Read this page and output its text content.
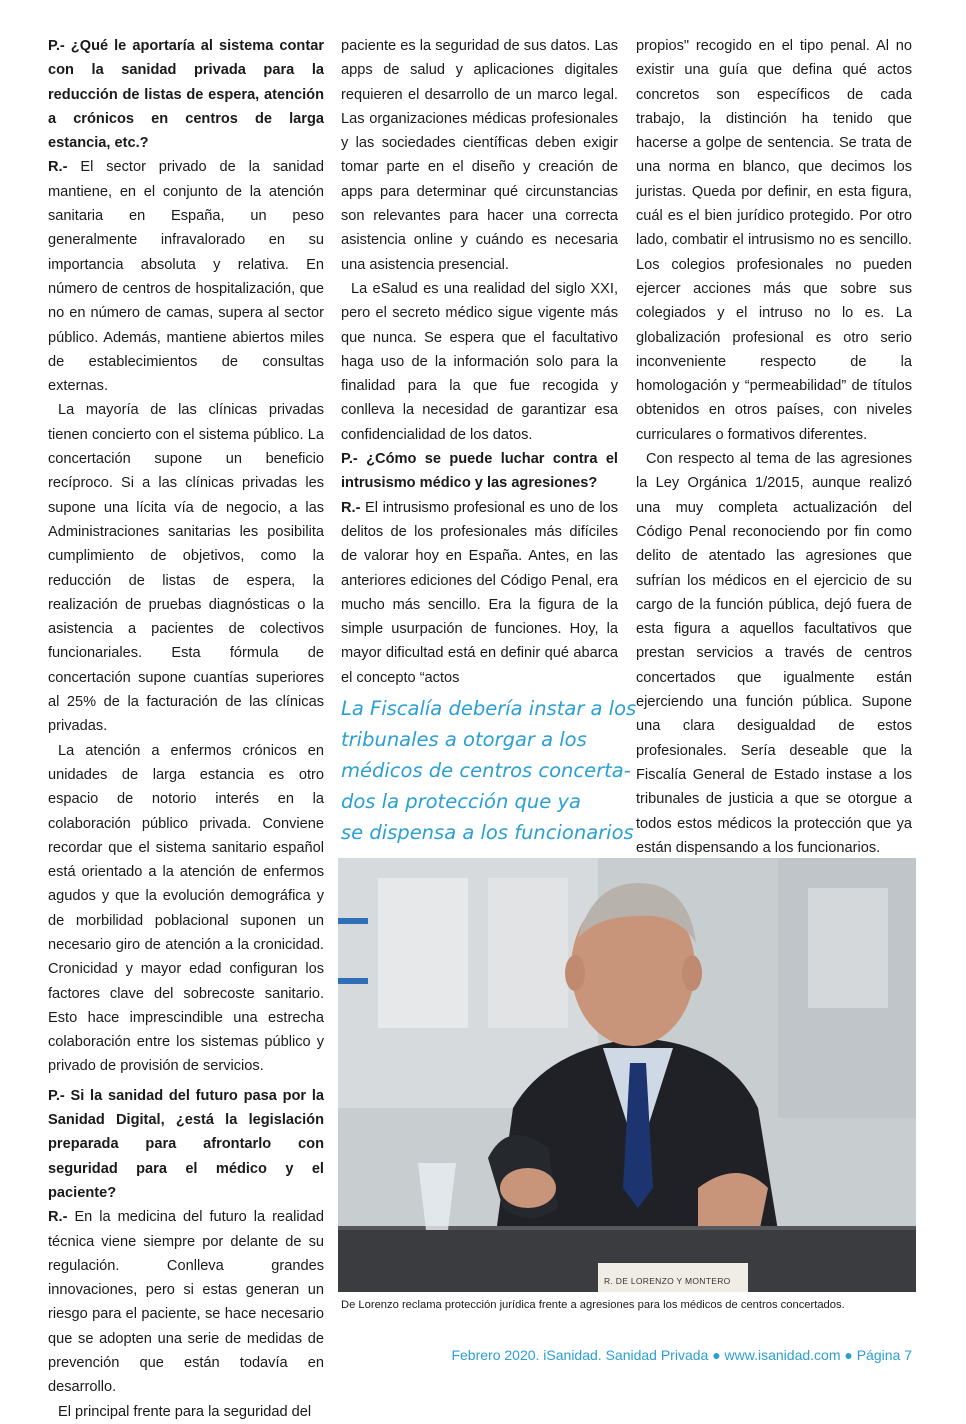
P.- ¿Qué le aportaría al sistema contar con la sanidad privada para la reducción de listas de espera, atención a crónicos en centros de larga estancia, etc.?

R.- El sector privado de la sanidad mantiene, en el conjunto de la atención sanitaria en España, un peso generalmente infravalorado en su importancia absoluta y relativa. En número de centros de hospitalización, que no en número de camas, supera al sector público. Además, mantiene abiertos miles de establecimientos de consultas externas.

La mayoría de las clínicas privadas tienen concierto con el sistema público. La concertación supone un beneficio recíproco. Si a las clínicas privadas les supone una lícita vía de negocio, a las Administraciones sanitarias les posibilita cumplimiento de objetivos, como la reducción de listas de espera, la realización de pruebas diagnósticas o la asistencia a pacientes de colectivos funcionariales. Esta fórmula de concertación supone cuantías superiores al 25% de la facturación de las clínicas privadas.

La atención a enfermos crónicos en unidades de larga estancia es otro espacio de notorio interés en la colaboración público privada. Conviene recordar que el sistema sanitario español está orientado a la atención de enfermos agudos y que la evolución demográfica y de morbilidad poblacional suponen un necesario giro de atención a la cronicidad. Cronicidad y mayor edad configuran los factores clave del sobrecoste sanitario. Esto hace imprescindible una estrecha colaboración entre los sistemas público y privado de provisión de servicios.

P.- Si la sanidad del futuro pasa por la Sanidad Digital, ¿está la legislación preparada para afrontarlo con seguridad para el médico y el paciente?

R.- En la medicina del futuro la realidad técnica viene siempre por delante de su regulación. Conlleva grandes innovaciones, pero si estas generan un riesgo para el paciente, se hace necesario que se adopten una serie de medidas de prevención que están todavía en desarrollo.

El principal frente para la seguridad del

paciente es la seguridad de sus datos. Las apps de salud y aplicaciones digitales requieren el desarrollo de un marco legal. Las organizaciones médicas profesionales y las sociedades científicas deben exigir tomar parte en el diseño y creación de apps para determinar qué circunstancias son relevantes para hacer una correcta asistencia online y cuándo es necesaria una asistencia presencial.

La eSalud es una realidad del siglo XXI, pero el secreto médico sigue vigente más que nunca. Se espera que el facultativo haga uso de la información solo para la finalidad para la que fue recogida y conlleva la necesidad de garantizar esa confidencialidad de los datos.

P.- ¿Cómo se puede luchar contra el intrusismo médico y las agresiones?

R.- El intrusismo profesional es uno de los delitos de los profesionales más difíciles de valorar hoy en España. Antes, en las anteriores ediciones del Código Penal, era mucho más sencillo. Era la figura de la simple usurpación de funciones. Hoy, la mayor dificultad está en definir qué abarca el concepto “actos

La Fiscalía debería instar a los
tribunales a otorgar a los
médicos de centros concerta-
dos la protección que ya
se dispensa a los funcionarios

propios" recogido en el tipo penal. Al no existir una guía que defina qué actos concretos son específicos de cada trabajo, la distinción ha tenido que hacerse a golpe de sentencia. Se trata de una norma en blanco, que decimos los juristas. Queda por definir, en esta figura, cuál es el bien jurídico protegido. Por otro lado, combatir el intrusismo no es sencillo. Los colegios profesionales no pueden ejercer acciones más que sobre sus colegiados y el intruso no lo es. La globalización profesional es otro serio inconveniente respecto de la homologación y “permeabilidad” de títulos obtenidos en otros países, con niveles curriculares o formativos diferentes.

Con respecto al tema de las agresiones la Ley Orgánica 1/2015, aunque realizó una muy completa actualización del Código Penal reconociendo por fin como delito de atentado las agresiones que sufrían los médicos en el ejercicio de su cargo de la función pública, dejó fuera de esta figura a aquellos facultativos que prestan servicios a través de centros concertados que igualmente están ejerciendo una función pública. Supone una clara desigualdad de estos profesionales. Sería deseable que la Fiscalía General de Estado instase a los tribunales de justicia a que se otorgue a todos estos médicos la protección que ya están dispensando a los funcionarios.

R. DE LORENZO Y MONTERO
De Lorenzo reclama protección jurídica frente a agresiones para los médicos de centros concertados.
Febrero 2020. iSanidad. Sanidad Privada ● www.isanidad.com ● Página 7
